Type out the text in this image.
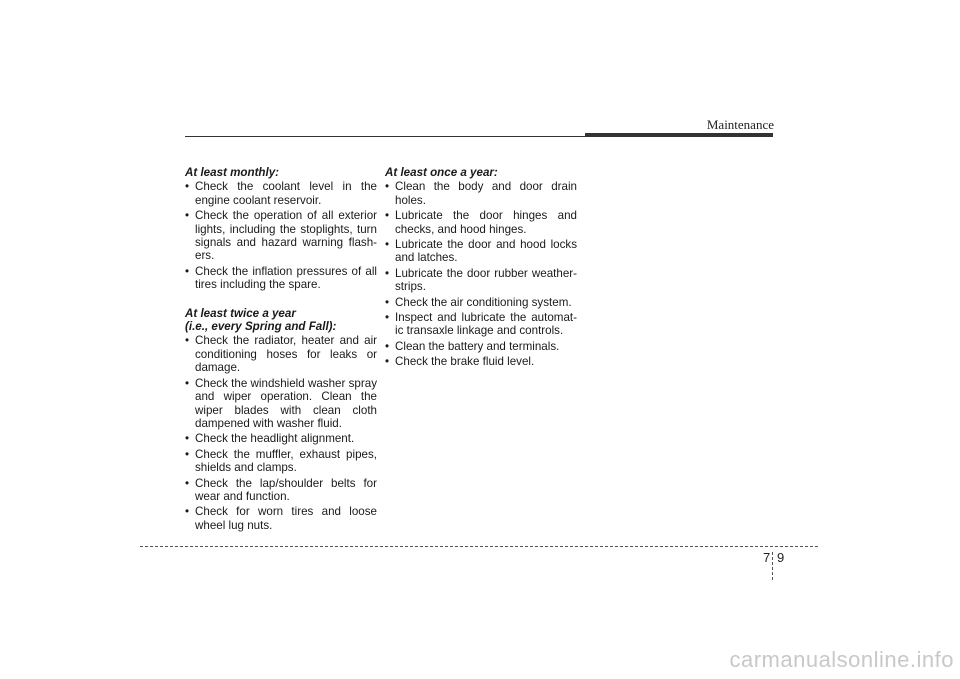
Maintenance
At least monthly:
• Check the coolant level in the engine coolant reservoir.
• Check the operation of all exterior lights, including the stoplights, turn signals and hazard warning flash-ers.
• Check the inflation pressures of all tires including the spare.
At least twice a year
(i.e., every Spring and Fall):
• Check the radiator, heater and air conditioning hoses for leaks or damage.
• Check the windshield washer spray and wiper operation. Clean the wiper blades with clean cloth dampened with washer fluid.
• Check the headlight alignment.
• Check the muffler, exhaust pipes, shields and clamps.
• Check the lap/shoulder belts for wear and function.
• Check for worn tires and loose wheel lug nuts.
At least once a year:
• Clean the body and door drain holes.
• Lubricate the door hinges and checks, and hood hinges.
• Lubricate the door and hood locks and latches.
• Lubricate the door rubber weather-strips.
• Check the air conditioning system.
• Inspect and lubricate the automat-ic transaxle linkage and controls.
• Clean the battery and terminals.
• Check the brake fluid level.
7 9
carmanualsonline.info
